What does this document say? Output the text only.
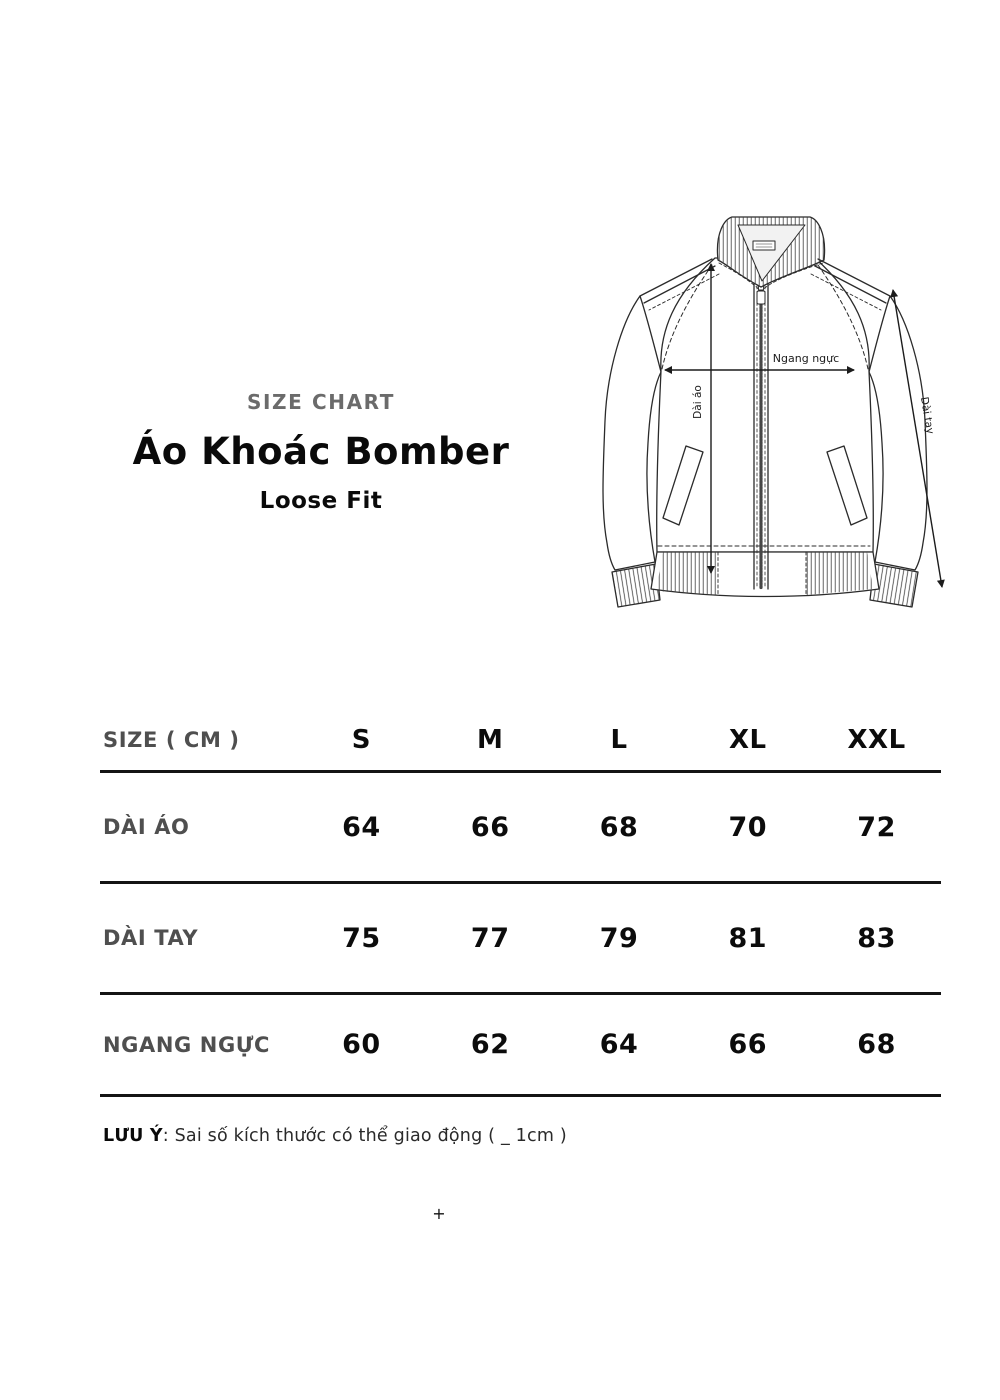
SIZE CHART
Áo Khoác Bomber
Loose Fit
Ngang ngực
Dài áo	Dài tay
SIZE ( CM )	S	M	L	XL	XXL
DÀI ÁO	64	66	68	70	72
DÀI TAY	75	77	79	81	83
NGANG NGỰC	60	62	64	66	68
LƯU Ý: Sai số kích thước có thể giao động ( _ 1cm )
+
